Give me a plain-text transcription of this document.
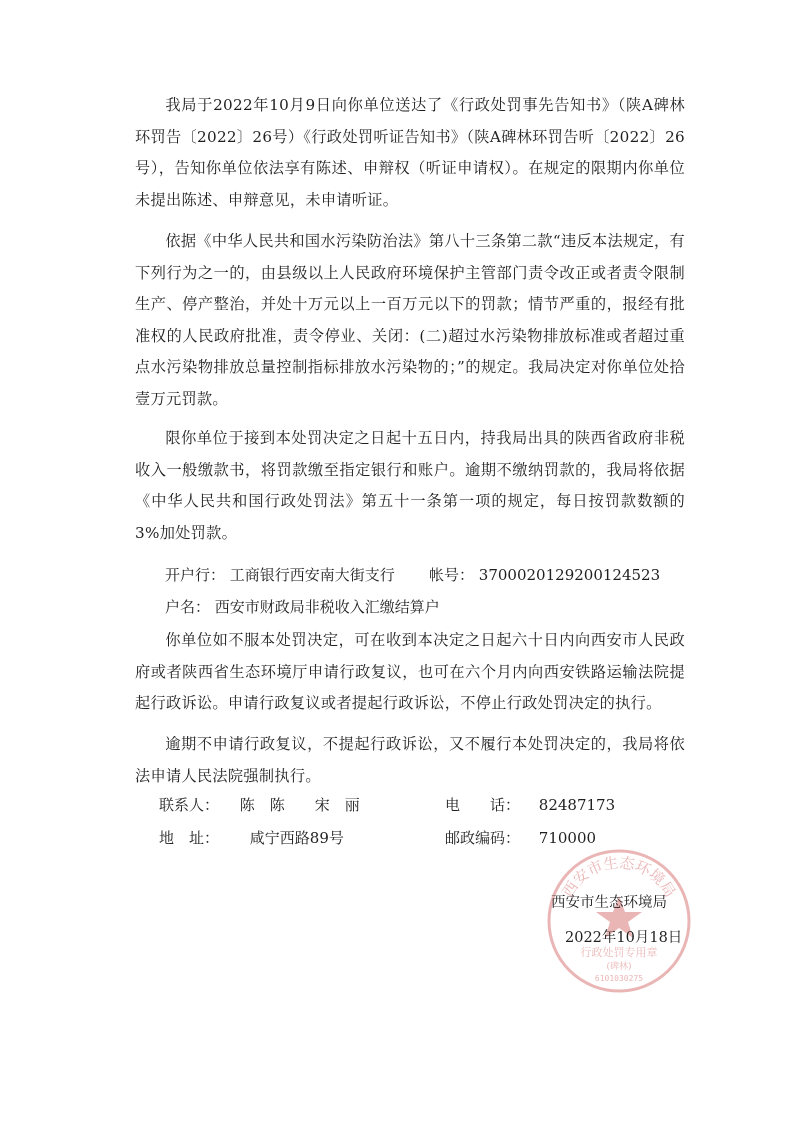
我局于2022年10月9日向你单位送达了《行政处罚事先告知书》（陕A碑林环罚告〔2022〕26号）《行政处罚听证告知书》（陕A碑林环罚告听〔2022〕26号），告知你单位依法享有陈述、申辩权（听证申请权）。在规定的限期内你单位未提出陈述、申辩意见，未申请听证。

依据《中华人民共和国水污染防治法》第八十三条第二款“违反本法规定，有下列行为之一的，由县级以上人民政府环境保护主管部门责令改正或者责令限制生产、停产整治，并处十万元以上一百万元以下的罚款；情节严重的，报经有批准权的人民政府批准，责令停业、关闭：(二)超过水污染物排放标准或者超过重点水污染物排放总量控制指标排放水污染物的；”的规定。我局决定对你单位处拾壹万元罚款。

限你单位于接到本处罚决定之日起十五日内，持我局出具的陕西省政府非税收入一般缴款书，将罚款缴至指定银行和账户。逾期不缴纳罚款的，我局将依据《中华人民共和国行政处罚法》第五十一条第一项的规定，每日按罚款数额的3%加处罚款。

开户行： 工商银行西安南大街支行 帐号： 3700020129200124523
户名： 西安市财政局非税收入汇缴结算户

你单位如不服本处罚决定，可在收到本决定之日起六十日内向西安市人民政府或者陕西省生态环境厅申请行政复议，也可在六个月内向西安铁路运输法院提起行政诉讼。申请行政复议或者提起行政诉讼，不停止行政处罚决定的执行。

逾期不申请行政复议，不提起行政诉讼，又不履行本处罚决定的，我局将依法申请人民法院强制执行。

联系人： 陈　陈　　宋　丽	电　　话： 82487173
地　址： 咸宁西路89号	邮政编码： 710000
西安市生态环境局
行政处罚专用章
(碑林)
6101030275
西安市生态环境局
2022年10月18日
